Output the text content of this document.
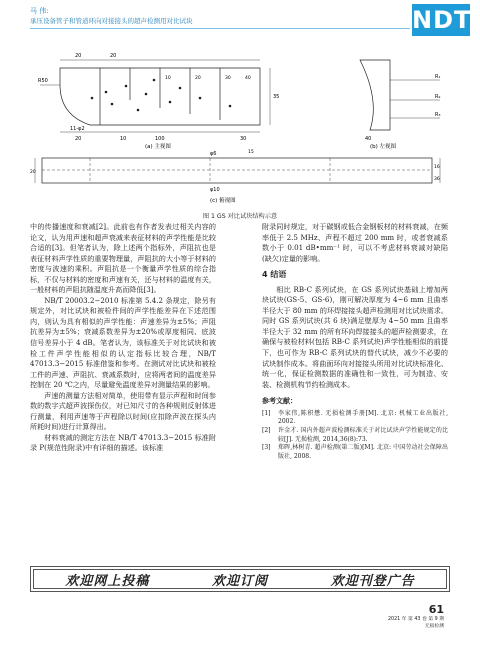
马 伟:
承压设备管子和管道环向对接接头的超声检测用对比试块	NDT
20	20
100
20	30
35
R50	10	20	30	40
10
11-φ2
(a) 主视图
R₁
R₂
R₃
40
(b) 左视图
φ6
φ10
20
16
36
15
(c) 俯视图
图 1 GS 对比试块结构示意

中的传播速度和衰减[2]。此前也有作者发表过相关内容的论文，认为用声速和超声衰减来表征材料的声学性能是比较合适的[3]。但笔者认为，除上述两个指标外，声阻抗也是表征材料声学性质的重要物理量，声阻抗的大小等于材料的密度与波速的乘积。声阻抗是一个衡量声学性质的综合指标，不仅与材料的密度和声速有关，还与材料的温度有关，一般材料的声阻抗随温度升高而降低[3]。

NB/T 20003.2−2010 标准第 5.4.2 条规定，除另有规定外，对比试块和被检件间的声学性能差异在下述范围内，则认为具有相似的声学性能：声速差异为±5%；声阻抗差异为±5%；衰减系数差异为±20%或厚度相同、底波信号差异小于 4 dB。笔者认为，该标准关于对比试块和被检工件声学性能相似的认定指标比较合理，NB/T 47013.3−2015 标准借鉴和参考。在测试对比试块和被检工件的声速、声阻抗、衰减系数时，应将两者间的温度差异控制在 20 ℃之内，尽量避免温度差异对测量结果的影响。

声速的测量方法相对简单，使用带有显示声程和时间参数的数字式超声波探伤仪，对已知尺寸的各种规则反射体进行测量，利用声速等于声程除以时间(应扣除声波在探头内所耗时间)进行计算得出。

材料衰减的测定方法在 NB/T 47013.3−2015 标准附录 P(规范性附录)中有详细的描述。该标准

附录同时规定，对于碳钢或低合金钢板材的材料衰减，在频率低于 2.5 MHz、声程不超过 200 mm 时，或者衰减系数小于 0.01 dB•mm⁻¹ 时，可以不考虑材料衰减对缺陷(缺欠)定量的影响。

4 结语

相比 RB-C 系列试块，在 GS 系列试块基础上增加两块试块(GS-5、GS-6)，刚可解决厚度为 4~6 mm 且曲率半径大于 80 mm 的环焊接接头超声检测用对比试块需求。同时 GS 系列试块(共 6 块)满足壁厚为 4~50 mm 且曲率半径大于 32 mm 的所有环向焊接接头的超声检测要求，在确保与被检材料(包括 RB-C 系列试块)声学性能相似的前提下，也可作为 RB-C 系列试块的替代试块，减少不必要的试块制作成本。将曲面环向对接接头所用对比试块标准化、统一化，保证检测数据的准确性和一致性，可为制造、安装、检测机构节约检测成本。

参考文献：
[1]	李家伟,陈积懋. 无损检测手册[M]. 北京: 机械工业出版社, 2002.
[2]	许金才. 国内外超声波检测标准关于对比试块声学性能规定的比较[J]. 无损检测, 2014,36(8):73.
[3]	郑晖,林树青. 超声检测(第二版)[M]. 北京: 中国劳动社会保障出版社, 2008.
欢迎网上投稿	欢迎订阅	欢迎刊登广告
61
2021 年 第 43 卷 第 9 期
无损检测
